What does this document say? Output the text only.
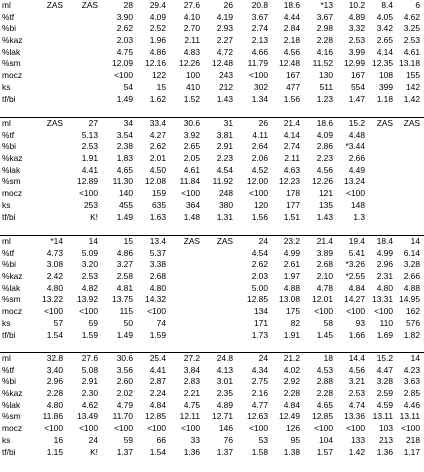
ml	ZAS	ZAS	28	29.4	27.6	26	20.8	18.6	*13	10.2	8.4	6
%tf	3.90	4.09	4.10	4.19	3.67	4.44	3.67	4.89	4.05	4.62
%bi	2.62	2.52	2.70	2.93	2.74	2.84	2.98	3.32	3.42	3.25
%kaz	2.03	1.96	2.11	2.27	2.13	2.18	2.28	2.53	2.65	2.53
%lak	4.75	4.86	4.83	4.72	4.66	4.56	4.16	3.99	4.14	4.61
%sm	12.09	12.16	12.26	12.48	11.79	12.48	11.52	12.99 12.35 13.18
mocz	<100	122	100	243	<100	167	130	167	108	155
ks	54	15	410	212	302	477	511	554	399	142
tf/bi	1.49	1.62	1.52	1.43	1.34	1.56	1.23	1.47	1.18	1.42
ml	ZAS	27	34	33.4	30.6	31	26	21.4	18.6	15.2	ZAS	ZAS
%tf	5.13	3.54	4.27	3.92	3.81	4.11	4.14	4.09	4.48
%bi	2.53	2.38	2.62	2.65	2.91	2.64	2.74	2.86	*3.44
%kaz	1.91	1.83	2.01	2.05	2.23	2.06	2.11	2.23	2.66
%lak	4.41	4.65	4.50	4.61	4.54	4.52	4.63	4.56	4.49
%sm	12.89	11.30	12.08	11.84	11.92	12.00	12.23	12.26	13.24
mocz	<100	140	159	<100	248	<100	178	121	<100
ks	253	455	635	364	380	120	177	135	148
tf/bi	K!	1.49	1.63	1.48	1.31	1.56	1.51	1.43	1.3
ml	*14	14	15	13.4	ZAS	ZAS	24	23.2	21.4	19.4	18.4	14
%tf	4.73	5.09	4.86	5.37	4.54	4.99	3.89	5.41	4.99	6.14
%bi	3.08	3.20	3.27	3.38	2.62	2.61	2.68	*3.26	2.96	3.28
%kaz	2.42	2.53	2.58	2.68	2.03	1.97	2.10	*2.55	2.31	2.66
%lak	4.80	4.82	4.81	4.80	5.00	4.88	4.78	4.84	4.80	4.88
%sm	13.22	13.92	13.75	14.32	12.85	13.08	12.01	14.27 13.31 14.95
mocz	<100	<100	115	<100	134	175	<100	<100	<100	162
ks	57	59	50	74	171	82	58	93	110	576
tf/bi	1.54	1.59	1.49	1.59	1.73	1.91	1.45	1.66	1.69	1.82
ml	32.8	27.6	30.6	25.4	27.2	24.8	24	21.2	18	14.4	15.2	14
%tf	3.40	5.08	3.56	4.41	3.84	4.13	4.34	4.02	4.53	4.56	4.47	4.23
%bi	2.96	2.91	2.60	2.87	2.83	3.01	2.75	2.92	2.88	3.21	3.28	3.63
%kaz	2.28	2.30	2.02	2.24	2.21	2.35	2.16	2.28	2.28	2.53	2.59	2.85
%lak	4.80	4.62	4.79	4.84	4.75	4.89	4.77	4.84	4.65	4.74	4.59	4.46
%sm	11.86	13.49	11.70	12.85	12.11	12.71	12.63	12.49	12.85	13.36 13.11 13.11
mocz	<100	<100	<100	<100	<100	146	<100	126	<100	<100	103 <100
ks	16	24	59	66	33	76	53	95	104	133	213	218
tf/bi	1.15	K!	1.37	1.54	1.36	1.37	1.58	1.38	1.57	1.42	1.36	1.17
